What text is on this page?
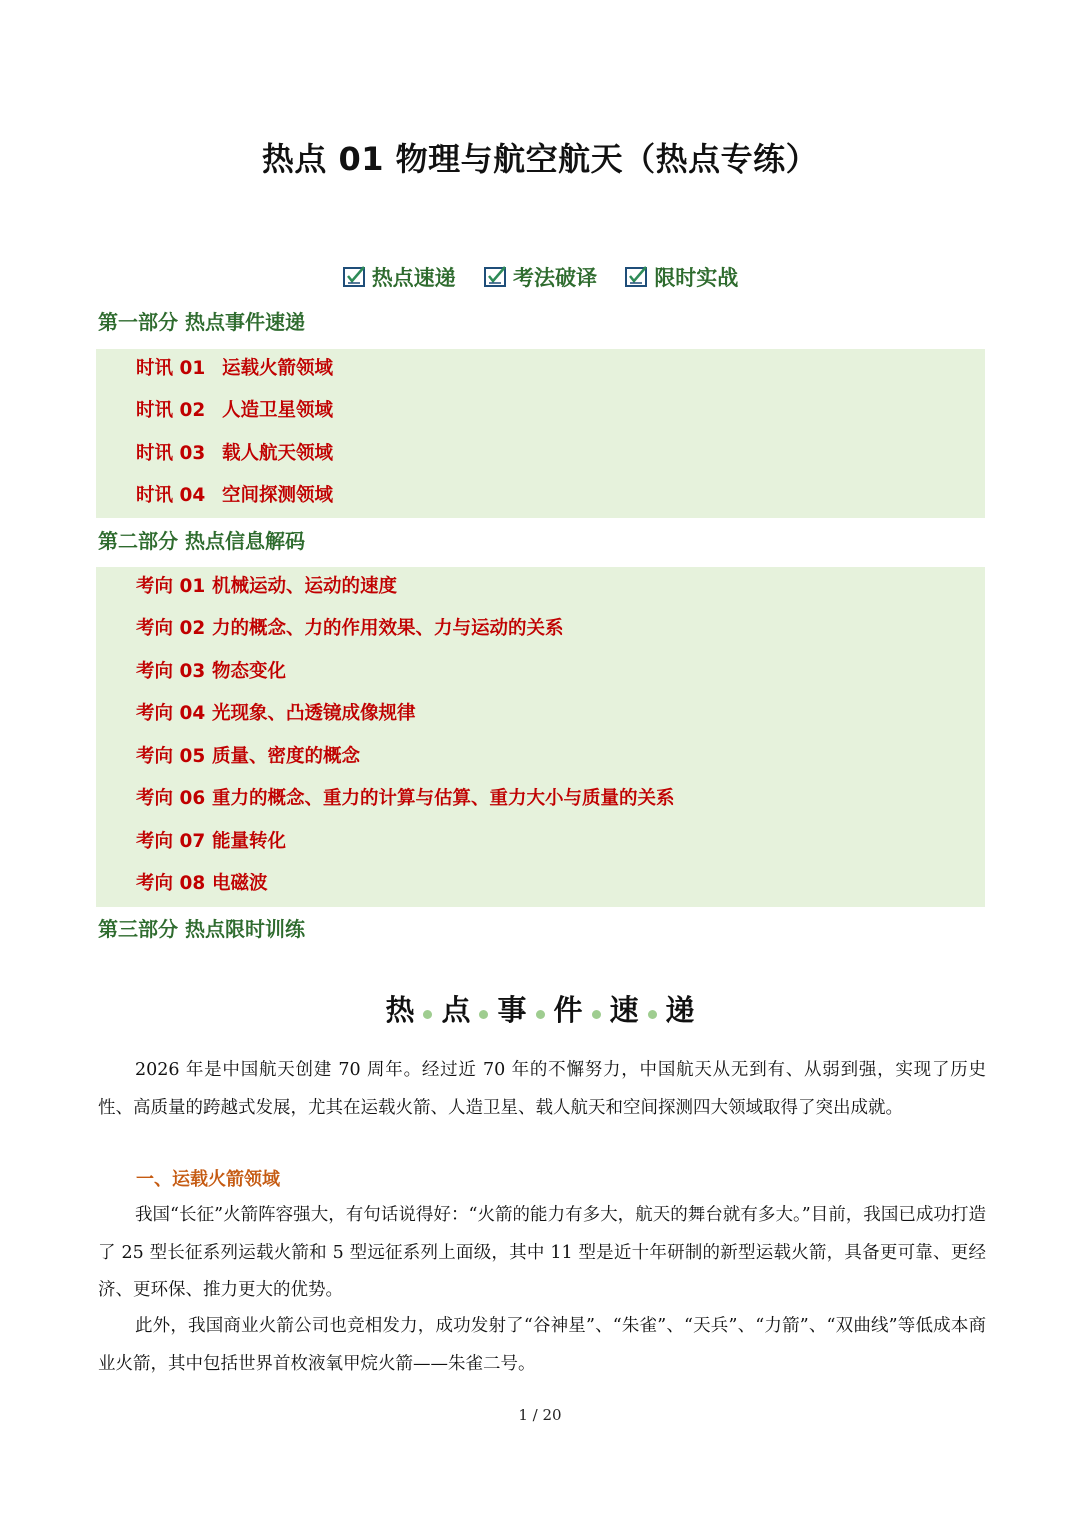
热点 01 物理与航空航天（热点专练）
热点速递
	考法破译
	限时实战
第一部分 热点事件速递
时讯 01 运载火箭领域
时讯 02 人造卫星领域
时讯 03 载人航天领域
时讯 04 空间探测领域
第二部分 热点信息解码
考向 01 机械运动、运动的速度
考向 02 力的概念、力的作用效果、力与运动的关系
考向 03 物态变化
考向 04 光现象、凸透镜成像规律
考向 05 质量、密度的概念
考向 06 重力的概念、重力的计算与估算、重力大小与质量的关系
考向 07 能量转化
考向 08 电磁波
第三部分 热点限时训练
热 点 事 件 速 递
2026 年是中国航天创建 70 周年。经过近 70 年的不懈努力，中国航天从无到有、从弱到强，实现了历史性、高质量的跨越式发展，尤其在运载火箭、人造卫星、载人航天和空间探测四大领域取得了突出成就。
一、运载火箭领域
我国“长征”火箭阵容强大，有句话说得好：“火箭的能力有多大，航天的舞台就有多大。”目前，我国已成功打造了 25 型长征系列运载火箭和 5 型远征系列上面级，其中 11 型是近十年研制的新型运载火箭，具备更可靠、更经济、更环保、推力更大的优势。
此外，我国商业火箭公司也竞相发力，成功发射了“谷神星”、“朱雀”、“天兵”、“力箭”、“双曲线”等低成本商业火箭，其中包括世界首枚液氧甲烷火箭——朱雀二号。
1 / 20
